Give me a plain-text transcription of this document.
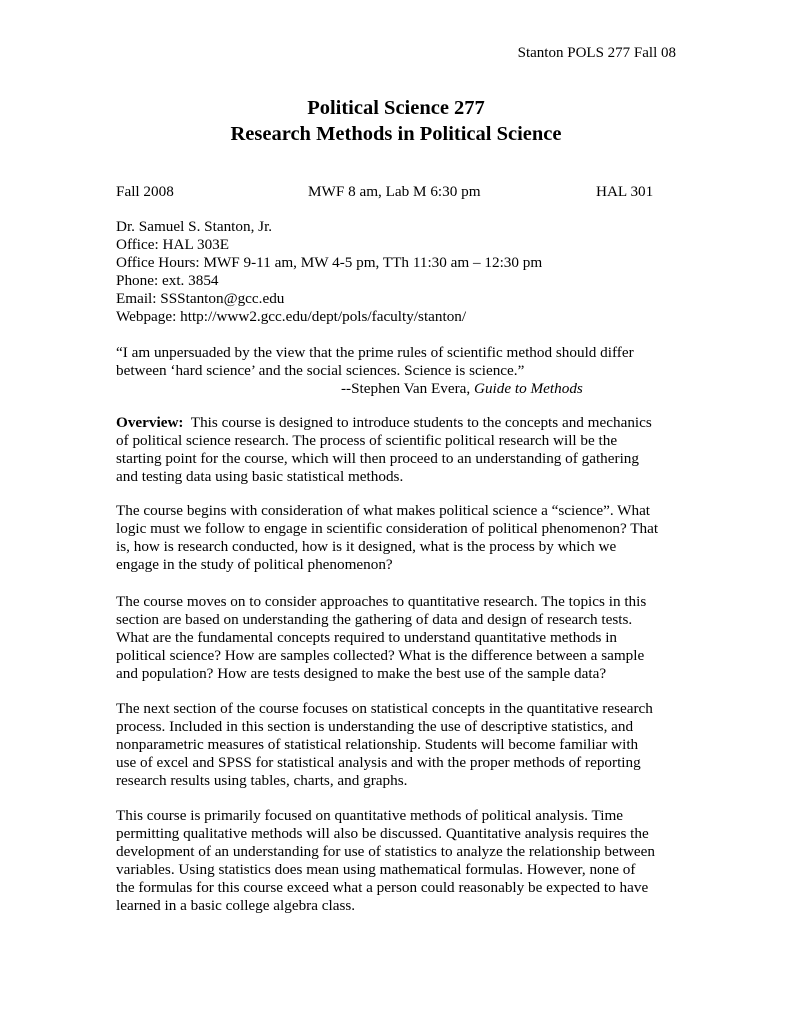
Stanton POLS 277 Fall 08
Political Science 277
Research Methods in Political Science
Fall 2008	MWF 8 am, Lab M 6:30 pm	HAL 301
Dr. Samuel S. Stanton, Jr.
Office: HAL 303E
Office Hours: MWF 9-11 am, MW 4-5 pm, TTh 11:30 am – 12:30 pm
Phone: ext. 3854
Email: SSStanton@gcc.edu
Webpage: http://www2.gcc.edu/dept/pols/faculty/stanton/
“I am unpersuaded by the view that the prime rules of scientific method should differ
between ‘hard science’ and the social sciences. Science is science.”
--Stephen Van Evera, Guide to Methods
Overview:  This course is designed to introduce students to the concepts and mechanics
of political science research. The process of scientific political research will be the
starting point for the course, which will then proceed to an understanding of gathering
and testing data using basic statistical methods.
The course begins with consideration of what makes political science a “science”. What
logic must we follow to engage in scientific consideration of political phenomenon? That
is, how is research conducted, how is it designed, what is the process by which we
engage in the study of political phenomenon?
The course moves on to consider approaches to quantitative research. The topics in this
section are based on understanding the gathering of data and design of research tests.
What are the fundamental concepts required to understand quantitative methods in
political science? How are samples collected? What is the difference between a sample
and population? How are tests designed to make the best use of the sample data?
The next section of the course focuses on statistical concepts in the quantitative research
process. Included in this section is understanding the use of descriptive statistics, and
nonparametric measures of statistical relationship. Students will become familiar with
use of excel and SPSS for statistical analysis and with the proper methods of reporting
research results using tables, charts, and graphs.
This course is primarily focused on quantitative methods of political analysis. Time
permitting qualitative methods will also be discussed. Quantitative analysis requires the
development of an understanding for use of statistics to analyze the relationship between
variables. Using statistics does mean using mathematical formulas. However, none of
the formulas for this course exceed what a person could reasonably be expected to have
learned in a basic college algebra class.
